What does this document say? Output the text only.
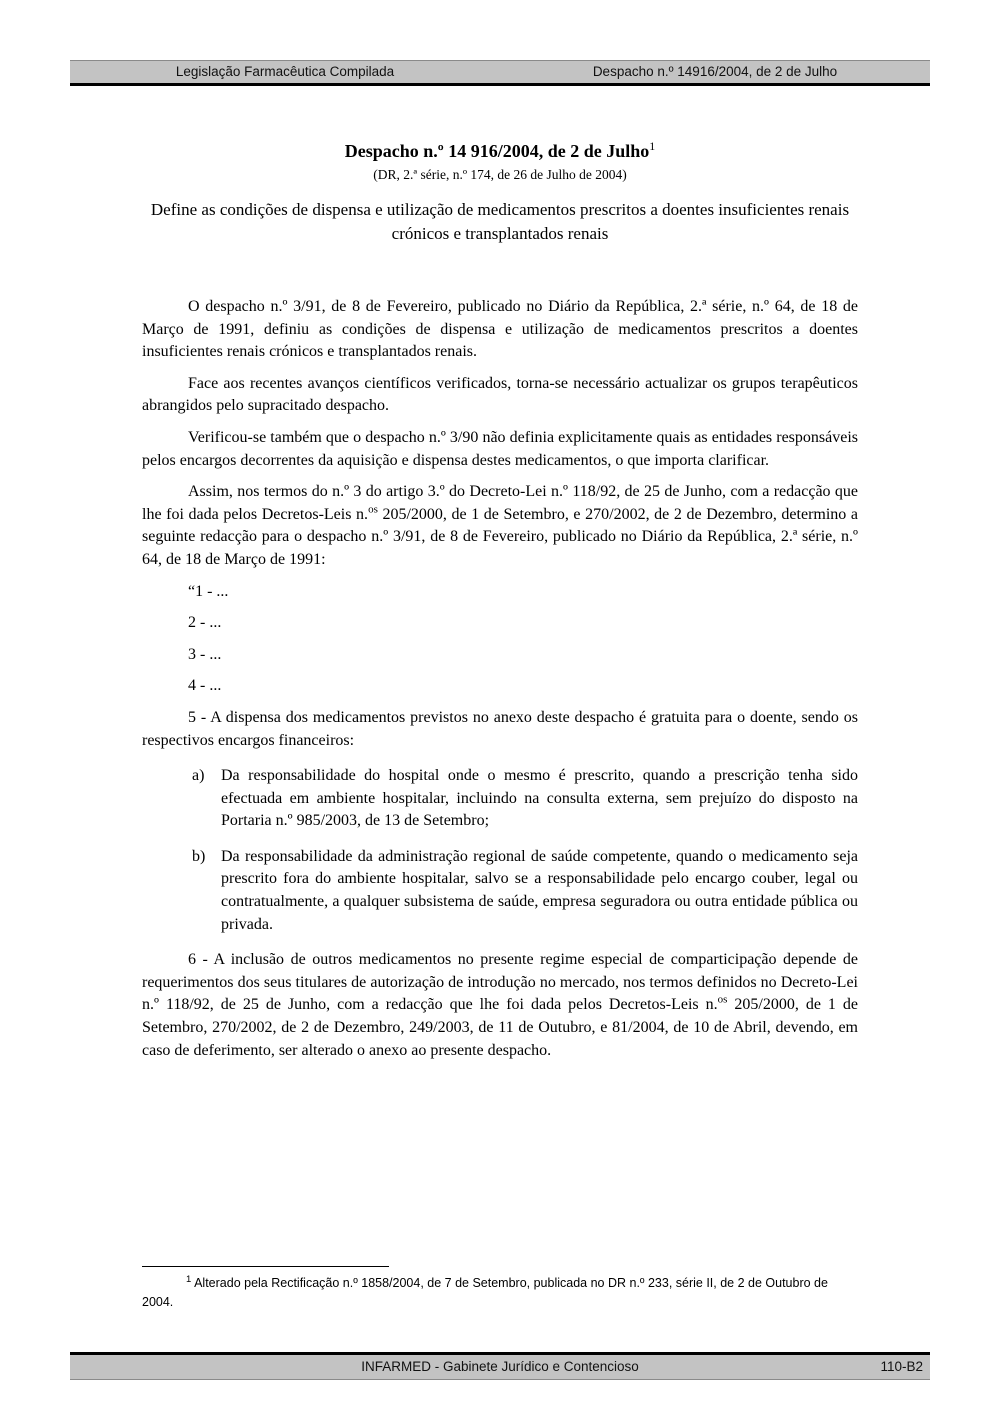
Legislação Farmacêutica Compilada	Despacho n.º 14916/2004, de 2 de Julho
Despacho n.º 14 916/2004, de 2 de Julho$^1$
(DR, 2.ª série, n.º 174, de 26 de Julho de 2004)
Define as condições de dispensa e utilização de medicamentos prescritos a doentes insuficientes renais crónicos e transplantados renais

O despacho n.º 3/91, de 8 de Fevereiro, publicado no Diário da República, 2.ª série, n.º 64, de 18 de Março de 1991, definiu as condições de dispensa e utilização de medicamentos prescritos a doentes insuficientes renais crónicos e transplantados renais.

Face aos recentes avanços científicos verificados, torna-se necessário actualizar os grupos terapêuticos abrangidos pelo supracitado despacho.

Verificou-se também que o despacho n.º 3/90 não definia explicitamente quais as entidades responsáveis pelos encargos decorrentes da aquisição e dispensa destes medicamentos, o que importa clarificar.

Assim, nos termos do n.º 3 do artigo 3.º do Decreto-Lei n.º 118/92, de 25 de Junho, com a redacção que lhe foi dada pelos Decretos-Leis n.$^{os}$ 205/2000, de 1 de Setembro, e 270/2002, de 2 de Dezembro, determino a seguinte redacção para o despacho n.º 3/91, de 8 de Fevereiro, publicado no Diário da República, 2.ª série, n.º 64, de 18 de Março de 1991:

“1 - ...

2 - ...

3 - ...

4 - ...

5 - A dispensa dos medicamentos previstos no anexo deste despacho é gratuita para o doente, sendo os respectivos encargos financeiros:

a) Da responsabilidade do hospital onde o mesmo é prescrito, quando a prescrição tenha sido efectuada em ambiente hospitalar, incluindo na consulta externa, sem prejuízo do disposto na Portaria n.º 985/2003, de 13 de Setembro;

b) Da responsabilidade da administração regional de saúde competente, quando o medicamento seja prescrito fora do ambiente hospitalar, salvo se a responsabilidade pelo encargo couber, legal ou contratualmente, a qualquer subsistema de saúde, empresa seguradora ou outra entidade pública ou privada.

6 - A inclusão de outros medicamentos no presente regime especial de comparticipação depende de requerimentos dos seus titulares de autorização de introdução no mercado, nos termos definidos no Decreto-Lei n.º 118/92, de 25 de Junho, com a redacção que lhe foi dada pelos Decretos-Leis n.$^{os}$ 205/2000, de 1 de Setembro, 270/2002, de 2 de Dezembro, 249/2003, de 11 de Outubro, e 81/2004, de 10 de Abril, devendo, em caso de deferimento, ser alterado o anexo ao presente despacho.

$^1$ Alterado pela Rectificação n.º 1858/2004, de 7 de Setembro, publicada no DR n.º 233, série II, de 2 de Outubro de 2004.

INFARMED - Gabinete Jurídico e Contencioso	110-B2
